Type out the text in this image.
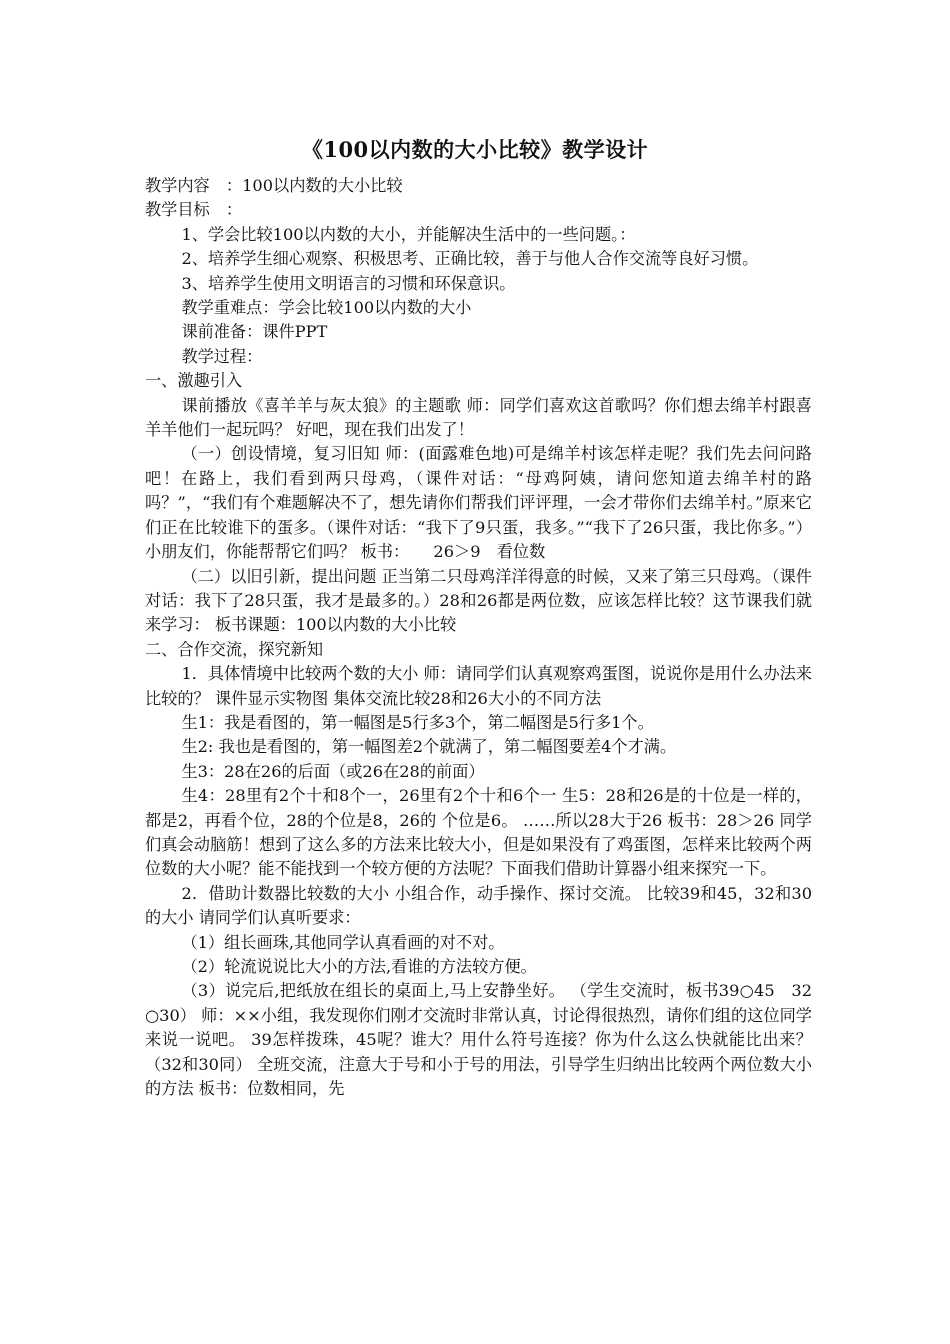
《100以内数的大小比较》教学设计

教学内容　：100以内数的大小比较

教学目标　：

1、学会比较100以内数的大小，并能解决生活中的一些问题。：

2、培养学生细心观察、积极思考、正确比较，善于与他人合作交流等良好习惯。

3、培养学生使用文明语言的习惯和环保意识。

教学重难点：学会比较100以内数的大小

课前准备：课件PPT

教学过程：

一、激趣引入

课前播放《喜羊羊与灰太狼》的主题歌 师：同学们喜欢这首歌吗？你们想去绵羊村跟喜羊羊他们一起玩吗？ 好吧，现在我们出发了！

（一）创设情境，复习旧知 师：(面露难色地)可是绵羊村该怎样走呢？我们先去问问路吧！在路上，我们看到两只母鸡，（课件对话：“母鸡阿姨，请问您知道去绵羊村的路吗？”，“我们有个难题解决不了，想先请你们帮我们评评理，一会才带你们去绵羊村。”原来它们正在比较谁下的蛋多。（课件对话：“我下了9只蛋，我多。”“我下了26只蛋，我比你多。”）小朋友们，你能帮帮它们吗？ 板书：　　26＞9　看位数

（二）以旧引新，提出问题 正当第二只母鸡洋洋得意的时候，又来了第三只母鸡。（课件对话：我下了28只蛋，我才是最多的。）28和26都是两位数，应该怎样比较？这节课我们就来学习： 板书课题：100以内数的大小比较

二、合作交流，探究新知

1．具体情境中比较两个数的大小 师：请同学们认真观察鸡蛋图，说说你是用什么办法来比较的？ 课件显示实物图 集体交流比较28和26大小的不同方法

生1：我是看图的，第一幅图是5行多3个，第二幅图是5行多1个。

生2: 我也是看图的，第一幅图差2个就满了，第二幅图要差4个才满。

生3：28在26的后面（或26在28的前面）

生4：28里有2个十和8个一，26里有2个十和6个一 生5：28和26是的十位是一样的，都是2，再看个位，28的个位是8，26的 个位是6。 ……所以28大于26 板书：28＞26 同学们真会动脑筋！想到了这么多的方法来比较大小，但是如果没有了鸡蛋图，怎样来比较两个两位数的大小呢？能不能找到一个较方便的方法呢？下面我们借助计算器小组来探究一下。

2．借助计数器比较数的大小 小组合作，动手操作、探讨交流。 比较39和45，32和30的大小 请同学们认真听要求：

（1）组长画珠,其他同学认真看画的对不对。

（2）轮流说说比大小的方法,看谁的方法较方便。

（3）说完后,把纸放在组长的桌面上,马上安静坐好。 （学生交流时，板书39○45　32○30） 师：××小组，我发现你们刚才交流时非常认真，讨论得很热烈，请你们组的这位同学来说一说吧。 39怎样拨珠，45呢？谁大？用什么符号连接？你为什么这么快就能比出来？（32和30同） 全班交流，注意大于号和小于号的用法，引导学生归纳出比较两个两位数大小的方法 板书：位数相同，先
